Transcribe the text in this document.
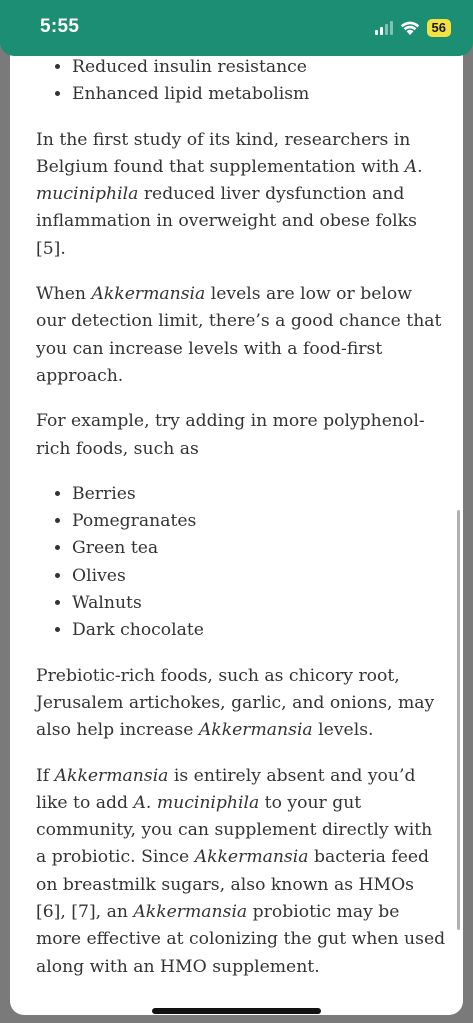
5:55	56
• Reduced insulin resistance
• Enhanced lipid metabolism

In the first study of its kind, researchers in Belgium found that supplementation with A. muciniphila reduced liver dysfunction and inflammation in overweight and obese folks [5].

When Akkermansia levels are low or below our detection limit, there’s a good chance that you can increase levels with a food-first approach.

For example, try adding in more polyphenol-rich foods, such as

• Berries
• Pomegranates
• Green tea
• Olives
• Walnuts
• Dark chocolate

Prebiotic-rich foods, such as chicory root, Jerusalem artichokes, garlic, and onions, may also help increase Akkermansia levels.

If Akkermansia is entirely absent and you’d like to add A. muciniphila to your gut community, you can supplement directly with a probiotic. Since Akkermansia bacteria feed on breastmilk sugars, also known as HMOs [6], [7], an Akkermansia probiotic may be more effective at colonizing the gut when used along with an HMO supplement.
